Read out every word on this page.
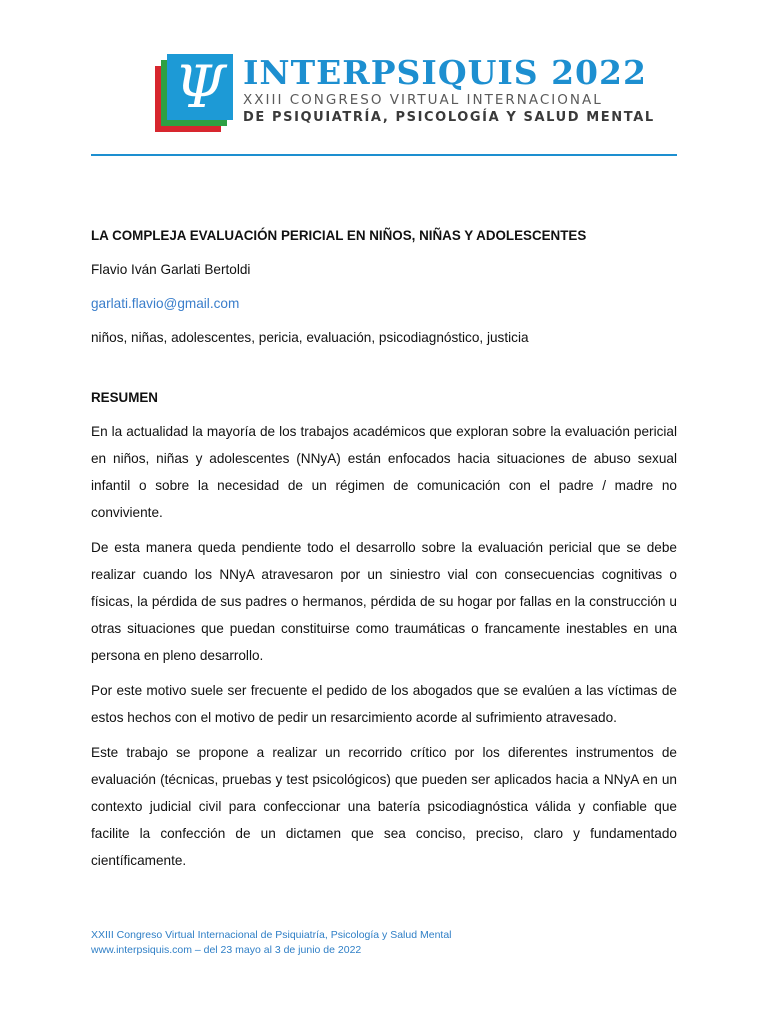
Ψ INTERPSIQUIS 2022
XXIII CONGRESO VIRTUAL INTERNACIONAL
DE PSIQUIATRÍA, PSICOLOGÍA Y SALUD MENTAL

LA COMPLEJA EVALUACIÓN PERICIAL EN NIÑOS, NIÑAS Y ADOLESCENTES

Flavio Iván Garlati Bertoldi

garlati.flavio@gmail.com

niños, niñas, adolescentes, pericia, evaluación, psicodiagnóstico, justicia

RESUMEN

En la actualidad la mayoría de los trabajos académicos que exploran sobre la evaluación pericial en niños, niñas y adolescentes (NNyA) están enfocados hacia situaciones de abuso sexual infantil o sobre la necesidad de un régimen de comunicación con el padre / madre no conviviente.

De esta manera queda pendiente todo el desarrollo sobre la evaluación pericial que se debe realizar cuando los NNyA atravesaron por un siniestro vial con consecuencias cognitivas o físicas, la pérdida de sus padres o hermanos, pérdida de su hogar por fallas en la construcción u otras situaciones que puedan constituirse como traumáticas o francamente inestables en una persona en pleno desarrollo.

Por este motivo suele ser frecuente el pedido de los abogados que se evalúen a las víctimas de estos hechos con el motivo de pedir un resarcimiento acorde al sufrimiento atravesado.

Este trabajo se propone a realizar un recorrido crítico por los diferentes instrumentos de evaluación (técnicas, pruebas y test psicológicos) que pueden ser aplicados hacia a NNyA en un contexto judicial civil para confeccionar una batería psicodiagnóstica válida y confiable que facilite la confección de un dictamen que sea conciso, preciso, claro y fundamentado científicamente.

XXIII Congreso Virtual Internacional de Psiquiatría, Psicología y Salud Mental
www.interpsiquis.com – del 23 mayo al 3 de junio de 2022
